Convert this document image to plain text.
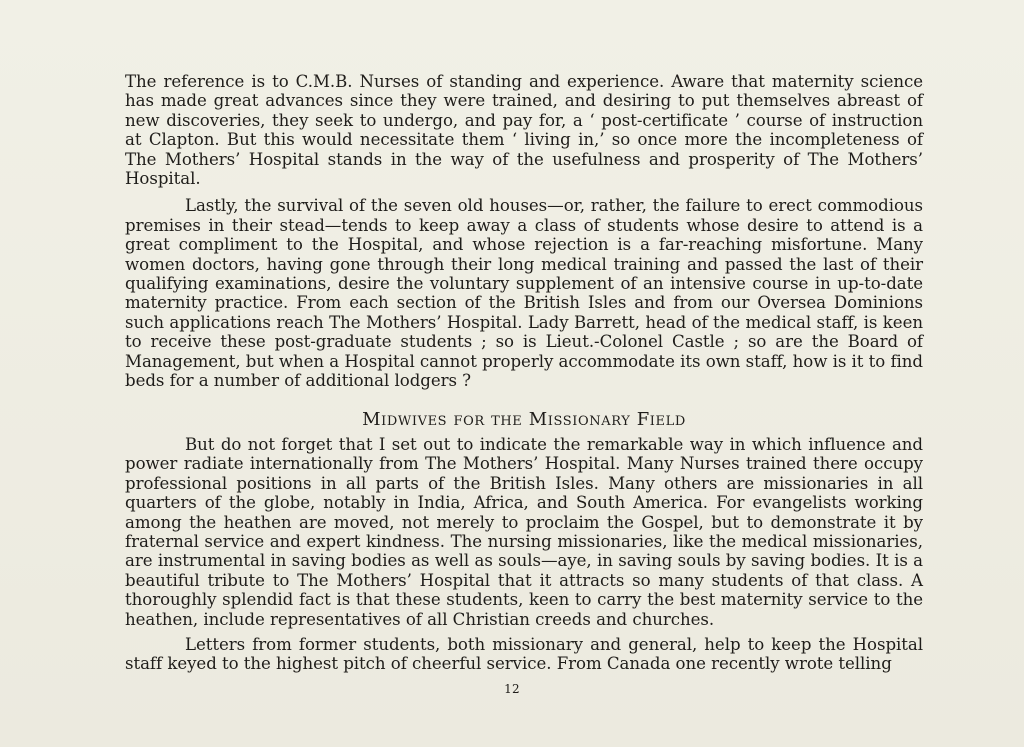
The reference is to C.M.B. Nurses of standing and experience. Aware that maternity science has made great advances since they were trained, and desiring to put themselves abreast of new discoveries, they seek to undergo, and pay for, a ‘ post-certificate ’ course of instruction at Clapton. But this would necessitate them ‘ living in,’ so once more the incompleteness of The Mothers’ Hospital stands in the way of the usefulness and prosperity of The Mothers’ Hospital.

Lastly, the survival of the seven old houses—or, rather, the failure to erect commodious premises in their stead—tends to keep away a class of students whose desire to attend is a great compliment to the Hospital, and whose rejection is a far-reaching misfortune. Many women doctors, having gone through their long medical training and passed the last of their qualifying examinations, desire the voluntary supplement of an intensive course in up-to-date maternity practice. From each section of the British Isles and from our Oversea Dominions such applications reach The Mothers’ Hospital. Lady Barrett, head of the medical staff, is keen to receive these post-graduate students ; so is Lieut.-Colonel Castle ; so are the Board of Management, but when a Hospital cannot properly accommodate its own staff, how is it to find beds for a number of additional lodgers ?

Midwives for the Missionary Field

But do not forget that I set out to indicate the remarkable way in which influence and power radiate internationally from The Mothers’ Hospital. Many Nurses trained there occupy professional positions in all parts of the British Isles. Many others are missionaries in all quarters of the globe, notably in India, Africa, and South America. For evangelists working among the heathen are moved, not merely to proclaim the Gospel, but to demonstrate it by fraternal service and expert kindness. The nursing missionaries, like the medical missionaries, are instrumental in saving bodies as well as souls—aye, in saving souls by saving bodies. It is a beautiful tribute to The Mothers’ Hospital that it attracts so many students of that class. A thoroughly splendid fact is that these students, keen to carry the best maternity service to the heathen, include representatives of all Christian creeds and churches.

Letters from former students, both missionary and general, help to keep the Hospital staff keyed to the highest pitch of cheerful service. From Canada one recently wrote telling

12
